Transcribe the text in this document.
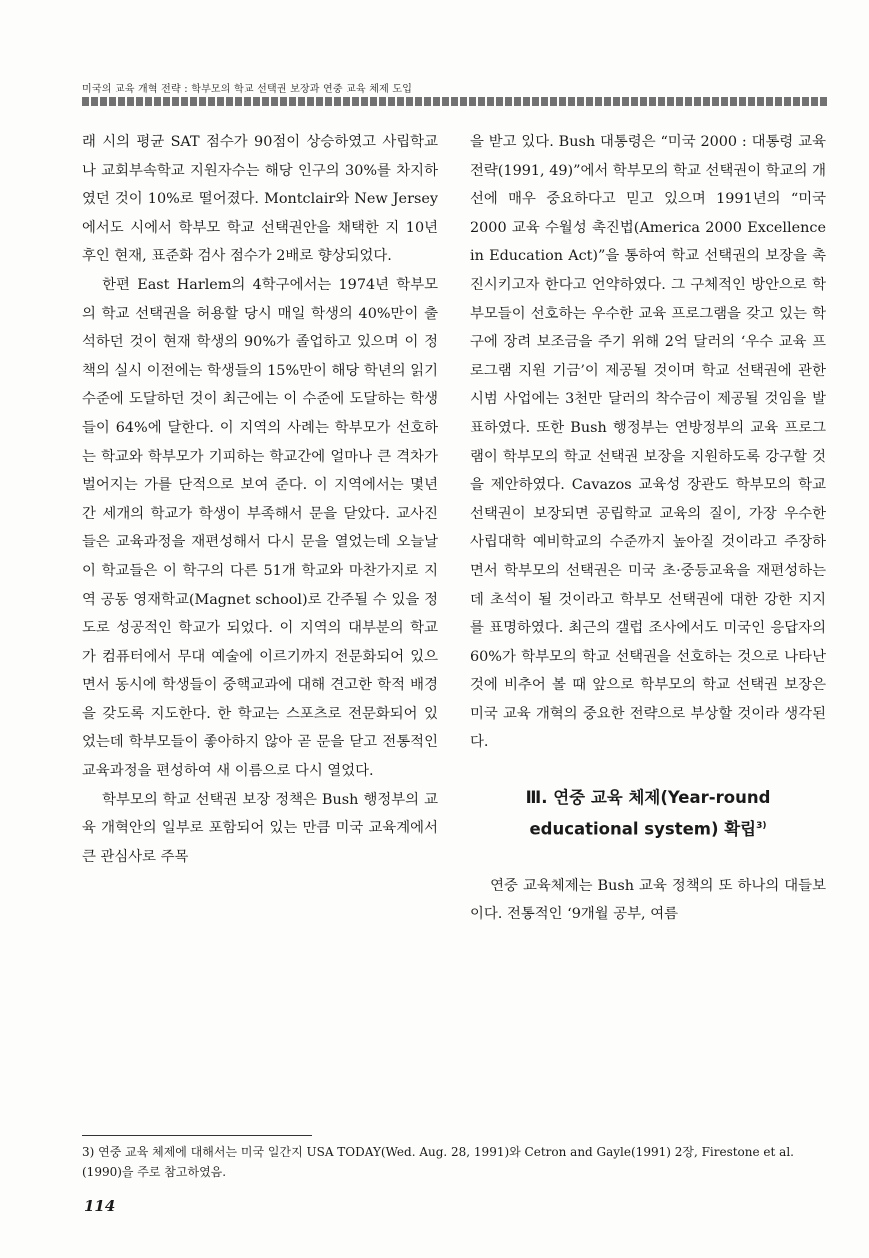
미국의 교육 개혁 전략 : 학부모의 학교 선택권 보장과 연중 교육 체제 도입

래 시의 평균 SAT 점수가 90점이 상승하였고 사립학교나 교회부속학교 지원자수는 해당 인구의 30%를 차지하였던 것이 10%로 떨어졌다. Montclair와 New Jersey에서도 시에서 학부모 학교 선택권안을 채택한 지 10년 후인 현재, 표준화 검사 점수가 2배로 향상되었다.

한편 East Harlem의 4학구에서는 1974년 학부모의 학교 선택권을 허용할 당시 매일 학생의 40%만이 출석하던 것이 현재 학생의 90%가 졸업하고 있으며 이 정책의 실시 이전에는 학생들의 15%만이 해당 학년의 읽기 수준에 도달하던 것이 최근에는 이 수준에 도달하는 학생들이 64%에 달한다. 이 지역의 사례는 학부모가 선호하는 학교와 학부모가 기피하는 학교간에 얼마나 큰 격차가 벌어지는 가를 단적으로 보여 준다. 이 지역에서는 몇년간 세개의 학교가 학생이 부족해서 문을 닫았다. 교사진들은 교육과정을 재편성해서 다시 문을 열었는데 오늘날 이 학교들은 이 학구의 다른 51개 학교와 마찬가지로 지역 공동 영재학교(Magnet school)로 간주될 수 있을 정도로 성공적인 학교가 되었다. 이 지역의 대부분의 학교가 컴퓨터에서 무대 예술에 이르기까지 전문화되어 있으면서 동시에 학생들이 중핵교과에 대해 견고한 학적 배경을 갖도록 지도한다. 한 학교는 스포츠로 전문화되어 있었는데 학부모들이 좋아하지 않아 곧 문을 닫고 전통적인 교육과정을 편성하여 새 이름으로 다시 열었다.

학부모의 학교 선택권 보장 정책은 Bush 행정부의 교육 개혁안의 일부로 포함되어 있는 만큼 미국 교육계에서 큰 관심사로 주목

을 받고 있다. Bush 대통령은 “미국 2000 : 대통령 교육 전략(1991, 49)”에서 학부모의 학교 선택권이 학교의 개선에 매우 중요하다고 믿고 있으며 1991년의 “미국 2000 교육 수월성 촉진법(America 2000 Excellence in Education Act)”을 통하여 학교 선택권의 보장을 촉진시키고자 한다고 언약하였다. 그 구체적인 방안으로 학부모들이 선호하는 우수한 교육 프로그램을 갖고 있는 학구에 장려 보조금을 주기 위해 2억 달러의 ‘우수 교육 프로그램 지원 기금’이 제공될 것이며 학교 선택권에 관한 시범 사업에는 3천만 달러의 착수금이 제공될 것임을 발표하였다. 또한 Bush 행정부는 연방정부의 교육 프로그램이 학부모의 학교 선택권 보장을 지원하도록 강구할 것을 제안하였다. Cavazos 교육성 장관도 학부모의 학교 선택권이 보장되면 공립학교 교육의 질이, 가장 우수한 사립대학 예비학교의 수준까지 높아질 것이라고 주장하면서 학부모의 선택권은 미국 초·중등교육을 재편성하는 데 초석이 될 것이라고 학부모 선택권에 대한 강한 지지를 표명하였다. 최근의 갤럽 조사에서도 미국인 응답자의 60%가 학부모의 학교 선택권을 선호하는 것으로 나타난 것에 비추어 볼 때 앞으로 학부모의 학교 선택권 보장은 미국 교육 개혁의 중요한 전략으로 부상할 것이라 생각된다.

Ⅲ. 연중 교육 체제(Year-round
educational system) 확립$^{3)}$

연중 교육체제는 Bush 교육 정책의 또 하나의 대들보이다. 전통적인 ‘9개월 공부, 여름

3) 연중 교육 체제에 대해서는 미국 일간지 USA TODAY(Wed. Aug. 28, 1991)와 Cetron and Gayle(1991) 2장, Firestone et al.(1990)을 주로 참고하였음.
114
